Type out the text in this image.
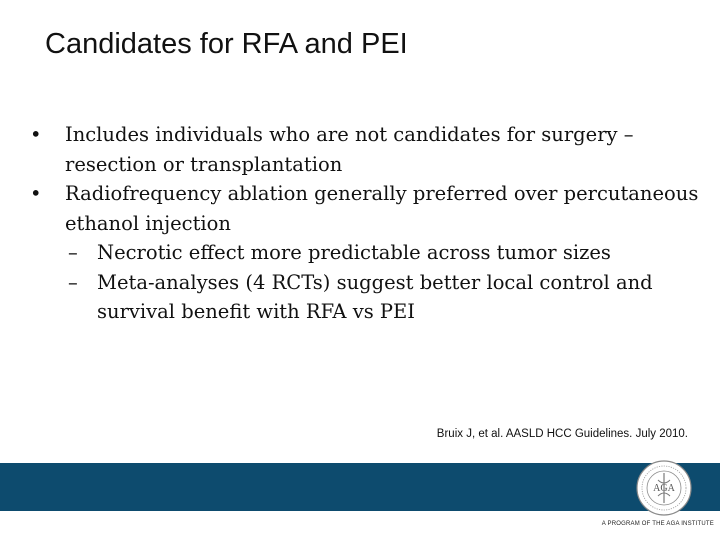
Candidates for RFA and PEI

• Includes individuals who are not candidates for surgery – resection or transplantation

• Radiofrequency ablation generally preferred over percutaneous ethanol injection

– Necrotic effect more predictable across tumor sizes

– Meta-analyses (4 RCTs) suggest better local control and survival benefit with RFA vs PEI

Bruix J, et al. AASLD HCC Guidelines. July 2010.
AGA
A PROGRAM OF THE AGA INSTITUTE
